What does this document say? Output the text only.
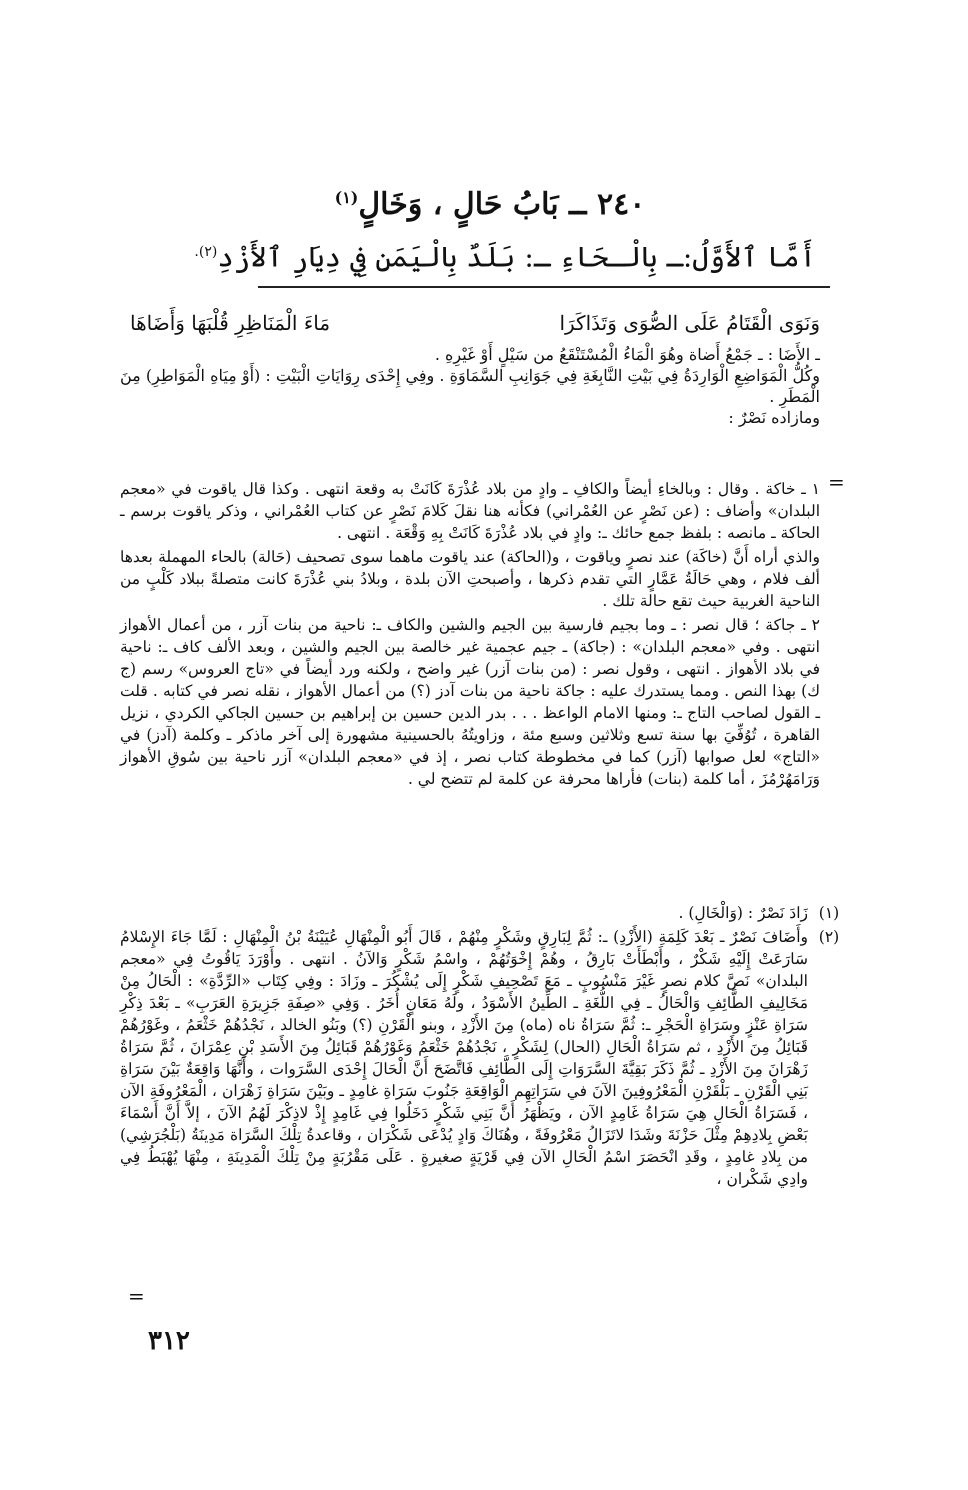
٢٤٠ ــ بَابُ حَالٍ ، وَخَالٍ$^{(١)}$
أَمَّا ٱلأَوَّلُ:ـ بِالْـحَاءِ ـ: بَلَدٌ بِالْيَمَنِ فِي دِيَارِ ٱلأَزْدِ$^{(٢).}$
وَنَوَى الْقَتَامُ عَلَى الصُّوَى وَتَذَاكَرَا
مَاءَ الْمَنَاظِرِ قُلْبَهَا وَأَضَاهَا

ـ الأَضَا : ـ جَمْعُ أَضاة وهُوَ الْمَاءُ الْمُسْتَنْقَعُ من سَيْلٍ أَوْ غَيْرِهِ .

وكُلُّ الْمَوَاضِعِ الْوَارِدَةُ فِي بَيْتِ النَّابِغَةِ فِي جَوَانِبِ السَّمَاوَةِ . وفِي إِحْدَى رِوَايَاتِ الْبَيْتِ : (أَوْ مِيَاهِ الْمَوَاطِرِ) مِنَ الْمَطَرِ .

ومازاده نَصْرٌ :

=

١ ـ خاكة . وقال : وبالخاءِ أيضاً والكافِ ـ وادٍ من بلاد عُذْرَةَ كَانَتْ به وقعة انتهى . وكذا قال ياقوت في «معجم البلدان» وأضاف : (عن نَصْرٍ عن العُمْراني) فكأنه هنا نقلَ كَلامَ نَصْرٍ عن كتاب العُمْراني ، وذكر ياقوت برسم ـ الحاكة ـ مانصه : بلفظ جمع حائك ـ: وادٍ في بلاد عُذْرَةَ كَانَتْ بِهِ وَقْعَة . انتهى .

والذي أراه أَنَّ (خاكَة) عند نصرٍ وياقوت ، و(الحاكة) عند ياقوت ماهما سوى تصحيف (حَالة) بالحاء المهملة بعدها ألف فلام ، وهي حَالَةُ عَمَّارٍ التي تقدم ذكرها ، وأصبحتِ الآن بلدة ، وبلادُ بني عُذْرَةَ كانت متصلةً ببلاد كَلْبٍ من الناحية الغربية حيث تقع حالة تلك .

٢ ـ جاكة ؛ قال نصر : ـ وما بجيم فارسية بين الجيم والشين والكاف ـ: ناحية من بنات آزر ، من أعمال الأهواز انتهى . وفي «معجم البلدان» : (جاكة) ـ جيم عجمية غير خالصة بين الجيم والشين ، وبعد الألف كاف ـ: ناحية في بلاد الأهواز . انتهى ، وقول نصر : (من بنات آزر) غير واضح ، ولكنه ورد أيضاً في «تاج العروس» رسم (ج ك) بهذا النص . ومما يستدرك عليه : جاكة ناحية من بنات آدز (؟) من أعمال الأهواز ، نقله نصر في كتابه . قلت ـ القول لصاحب التاج ـ: ومنها الامام الواعظ . . . بدر الدين حسين بن إبراهيم بن حسين الجاكي الكردي ، نزيل القاهرة ، تُوُفِّيَ بها سنة تسع وثلاثين وسبع مئة ، وزاويتُهُ بالحسينية مشهورة إلى آخر ماذكر ـ وكلمة (آدز) في «التاج» لعل صوابها (آزر) كما في مخطوطة كتاب نصر ، إذ في «معجم البلدان» آزر ناحية بين سُوقِ الأهواز وَرَامَهُرْمُزَ ، أما كلمة (بنات) فأراها محرفة عن كلمة لم تتضح لي .

(١)
زَادَ نَصْرٌ : (وَالْخَالِ) .

(٢)
وأَضَافَ نَصْرٌ ـ بَعْدَ كَلِمَةِ (الأَزْدِ) ـ: ثُمَّ لِبَارِقٍ وشَكْرٍ مِنْهُمْ ، قَالَ أَبُو الْمِنْهَالِ عُيَيْنَةُ بْنُ الْمِنْهَالِ : لَمَّا جَاءَ الإِسْلامُ سَارَعَتْ إِلَيْهِ شَكْرٌ ، وأَبْطَأَتْ بَارِقُ ، وهُمْ إِخْوَتُهُمْ ، واسْمُ شَكْرٍ وَالآنُ . انتهى . وأَوْرَدَ يَاقُوتُ فِي «معجم البلدان» نَصَّ كلام نصرٍ غَيْرَ مَنْسُوبٍ ـ مَعَ تَصْحِيفِ شَكْرٍ إِلَى يُشْكُرَ ـ وزَادَ : وفِي كِتَاب «الرِّدَّةِ» : الْحَالُ مِنْ مَخَالِيفِ الطَّائِفِ وَالْحَالُ ـ فِي اللُّغَةِ ـ الطِّينُ الأَسْوَدُ ، ولَهُ مَعَانٍ أُخَرُ . وَفِي «صِفَةِ جَزِيرَةِ العَرَبِ» ـ بَعْدَ ذِكْرِ سَرَاةِ عَنْزٍ وسَرَاةِ الْحَجْرِ ـ: ثُمَّ سَرَاةُ ناه (ماه) مِنَ الأَزْدِ ، وبنو الْقَرْنِ (؟) وبَنُو الخالد ، نَجْدُهُمْ خَثْعَمُ ، وغَوْرُهُمْ قَبَائِلُ مِنَ الأَزْدِ ، ثم سَرَاةُ الْحَالِ (الحال) لِشَكْرٍ ، نَجْدُهُمْ خَثْعَمُ وَغَوْرُهُمْ قَبَائِلُ مِنَ الأَسَدِ بْنِ عِمْرَانَ ، ثُمَّ سَرَاةُ زَهْرَانَ مِنَ الأَزْدِ ـ ثُمَّ ذَكَرَ بَقِيَّةَ السَّرَوَاتِ إِلَى الطَّائِفِ فَاتَّضَحَ أَنَّ الْحَالَ إِحْدَى السَّرَوات ، وأَنَّهَا وَاقِعَةٌ بَيْنَ سَرَاةِ بَنِي الْقَرْنِ ـ بَلْقَرْنِ الْمَعْرُوفِينَ الآنَ في سَرَاتِهِم الْوَاقِعَةِ جَنُوبَ سَرَاةِ غامِدٍ ـ وبَيْنَ سَرَاةِ زَهْرَان ، الْمَعْرُوفَةِ الآن ، فَسَرَاةُ الْحَالِ هِيَ سَرَاةُ غَامِدٍ الآن ، ويَظْهَرُ أَنَّ بَنِي شَكْرٍ دَخَلُوا فِي غَامِدٍ إِذْ لاذِكْرَ لَهُمُ الآنَ ، إلاَّ أَنَّ أَسْمَاءَ بَعْضِ بِلادِهِمْ مِثْلَ حَزْنَةَ وشَدَا لاتَزَالُ مَعْرُوفَةً ، وهُنَاكَ وَادٍ يُدْعَى شَكْرَان ، وقاعدةُ تِلْكَ السَّرَاة مَدِينَةُ (بَلْجُرَشِي) من بِلادِ غامِدٍ ، وقَدِ انْحَصَرَ اسْمُ الْحَالِ الآن فِي قَرْيَةٍ صغيرةٍ . عَلَى مَقْرُبَةٍ مِنْ تِلْكَ الْمَدِينَةِ ، مِنْهَا يُهْبَطُ فِي وادِي شَكْران ،

=
٣١٢
